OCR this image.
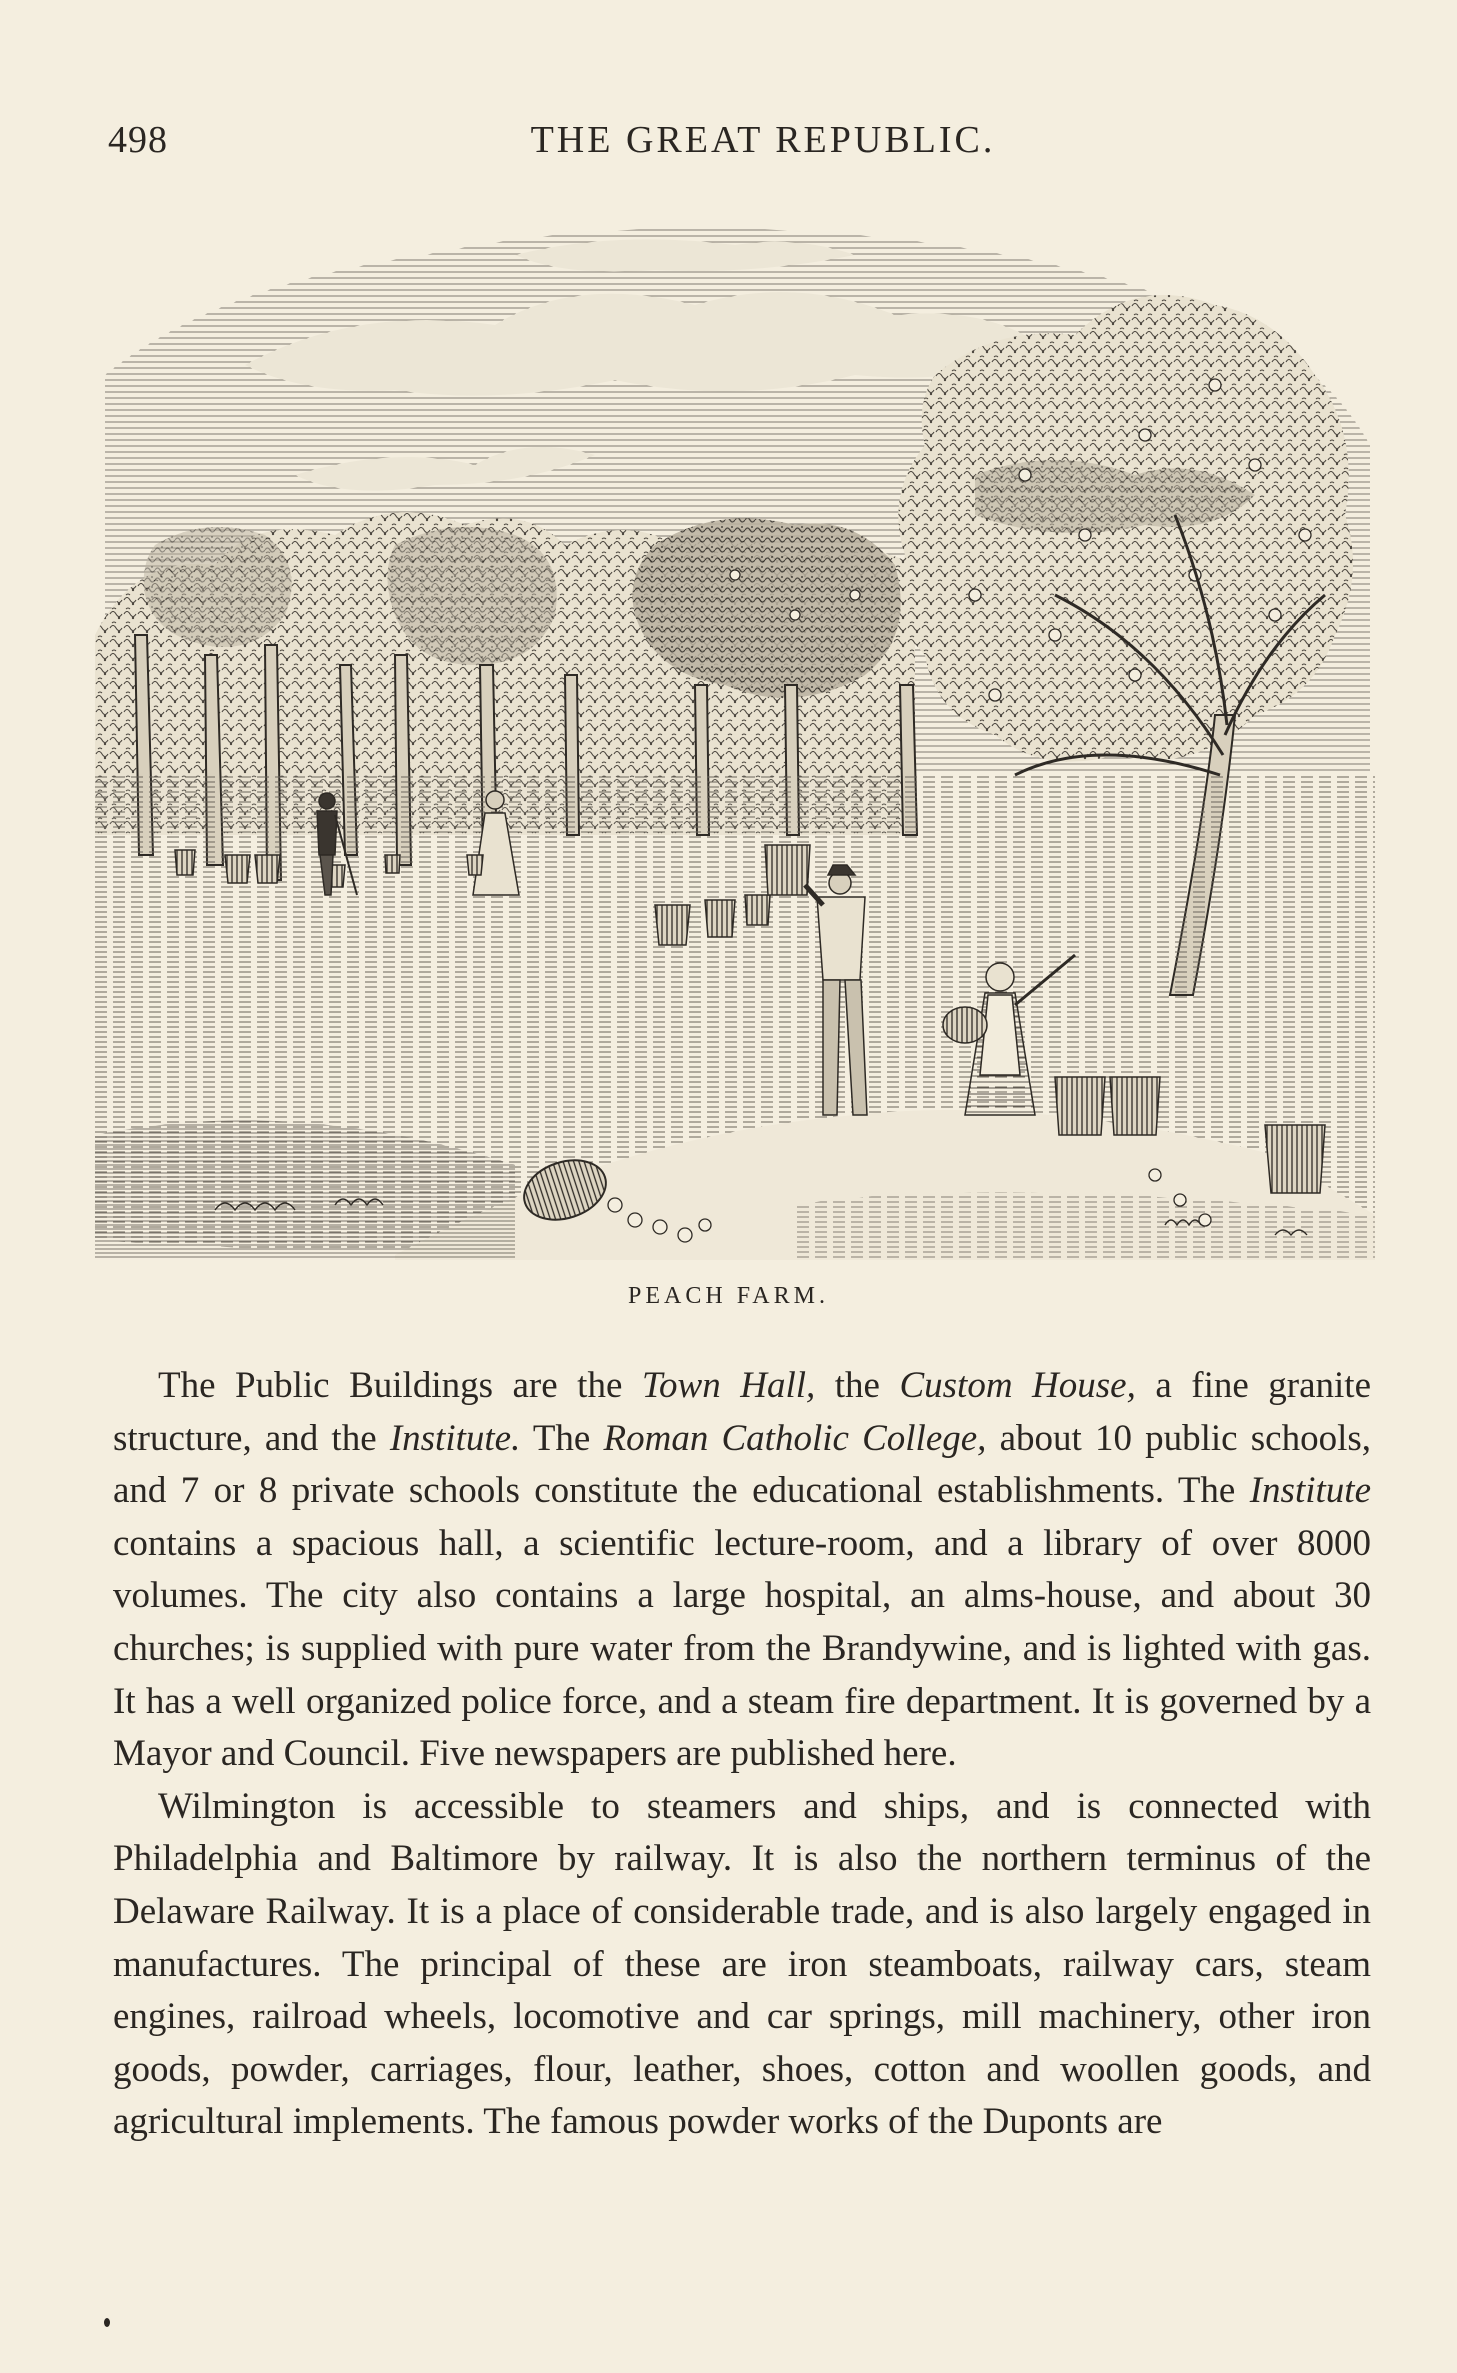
498	THE GREAT REPUBLIC.
PEACH FARM.

The Public Buildings are the Town Hall, the Custom House, a fine granite structure, and the Institute. The Roman Catholic College, about 10 public schools, and 7 or 8 private schools constitute the educational establishments. The Institute contains a spacious hall, a scientific lecture-room, and a library of over 8000 volumes. The city also contains a large hospital, an alms-house, and about 30 churches; is supplied with pure water from the Brandywine, and is lighted with gas. It has a well organized police force, and a steam fire department. It is governed by a Mayor and Council. Five newspapers are published here.

Wilmington is accessible to steamers and ships, and is connected with Philadelphia and Baltimore by railway. It is also the northern terminus of the Delaware Railway. It is a place of considerable trade, and is also largely engaged in manufactures. The principal of these are iron steamboats, railway cars, steam engines, railroad wheels, locomotive and car springs, mill machinery, other iron goods, powder, carriages, flour, leather, shoes, cotton and woollen goods, and agricultural implements. The famous powder works of the Duponts are
